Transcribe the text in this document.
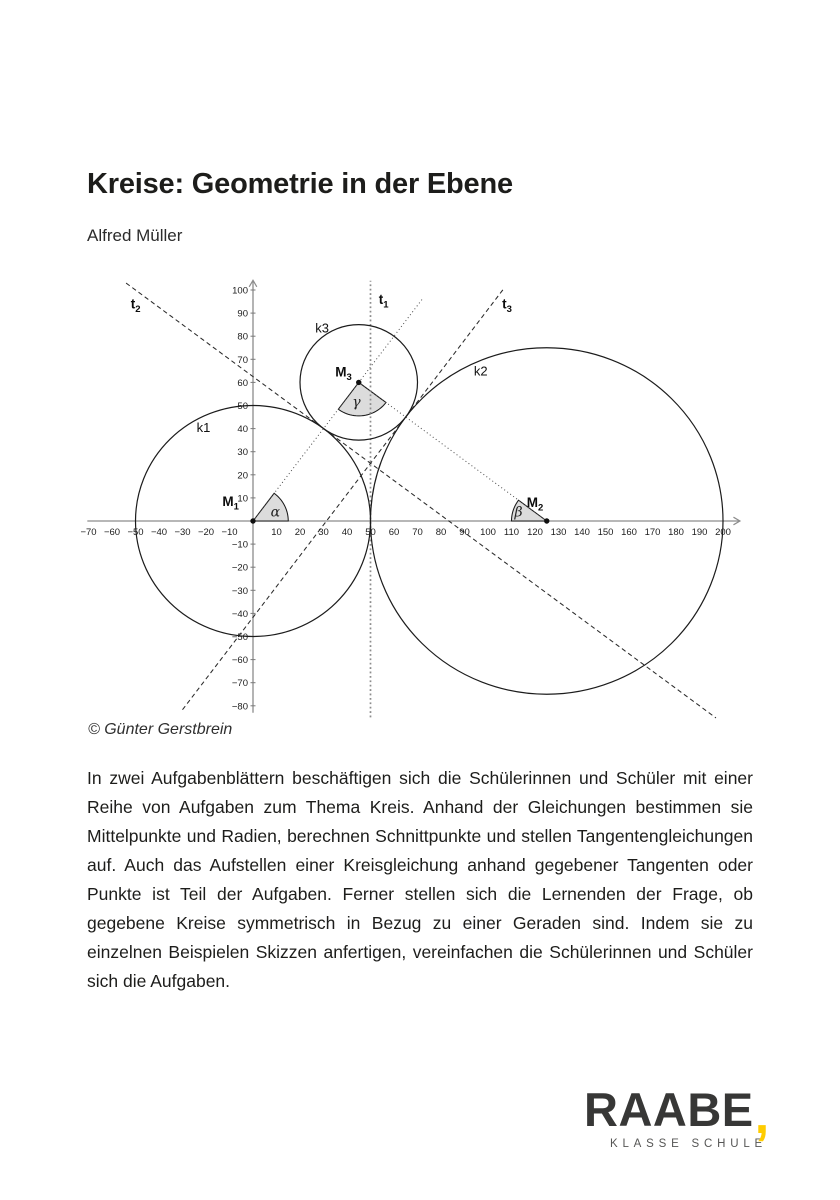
Kreise: Geometrie in der Ebene
Alfred Müller
−70 −60 −50 −40 −30 −20 −10	10 20 30 40 50 60 70 80 90 100 110 120 130 140 150 160 170 180 190 200
100
90
80
70
60
50
40
30
20
10
−10
−20
−30
−40
−50
−60
−70
−80
α	β
γ
$t_1$
$t_2$	$t_3$
k1
k2
k3
$M_1$	$M_2$
$M_3$
© Günter Gerstbrein

In zwei Aufgabenblättern beschäftigen sich die Schülerinnen und Schüler mit einer Reihe von Aufgaben zum Thema Kreis. Anhand der Gleichungen bestimmen sie Mittelpunkte und Radien, berechnen Schnittpunkte und stellen Tangentengleichungen auf. Auch das Aufstellen einer Kreisgleichung anhand gegebener Tangenten oder Punkte ist Teil der Aufgaben. Ferner stellen sich die Lernenden der Frage, ob gegebene Kreise symmetrisch in Bezug zu einer Geraden sind. Indem sie zu einzelnen Beispielen Skizzen anfertigen, vereinfachen die Schülerinnen und Schüler sich die Aufgaben.

RAABE,
KLASSE SCHULE
